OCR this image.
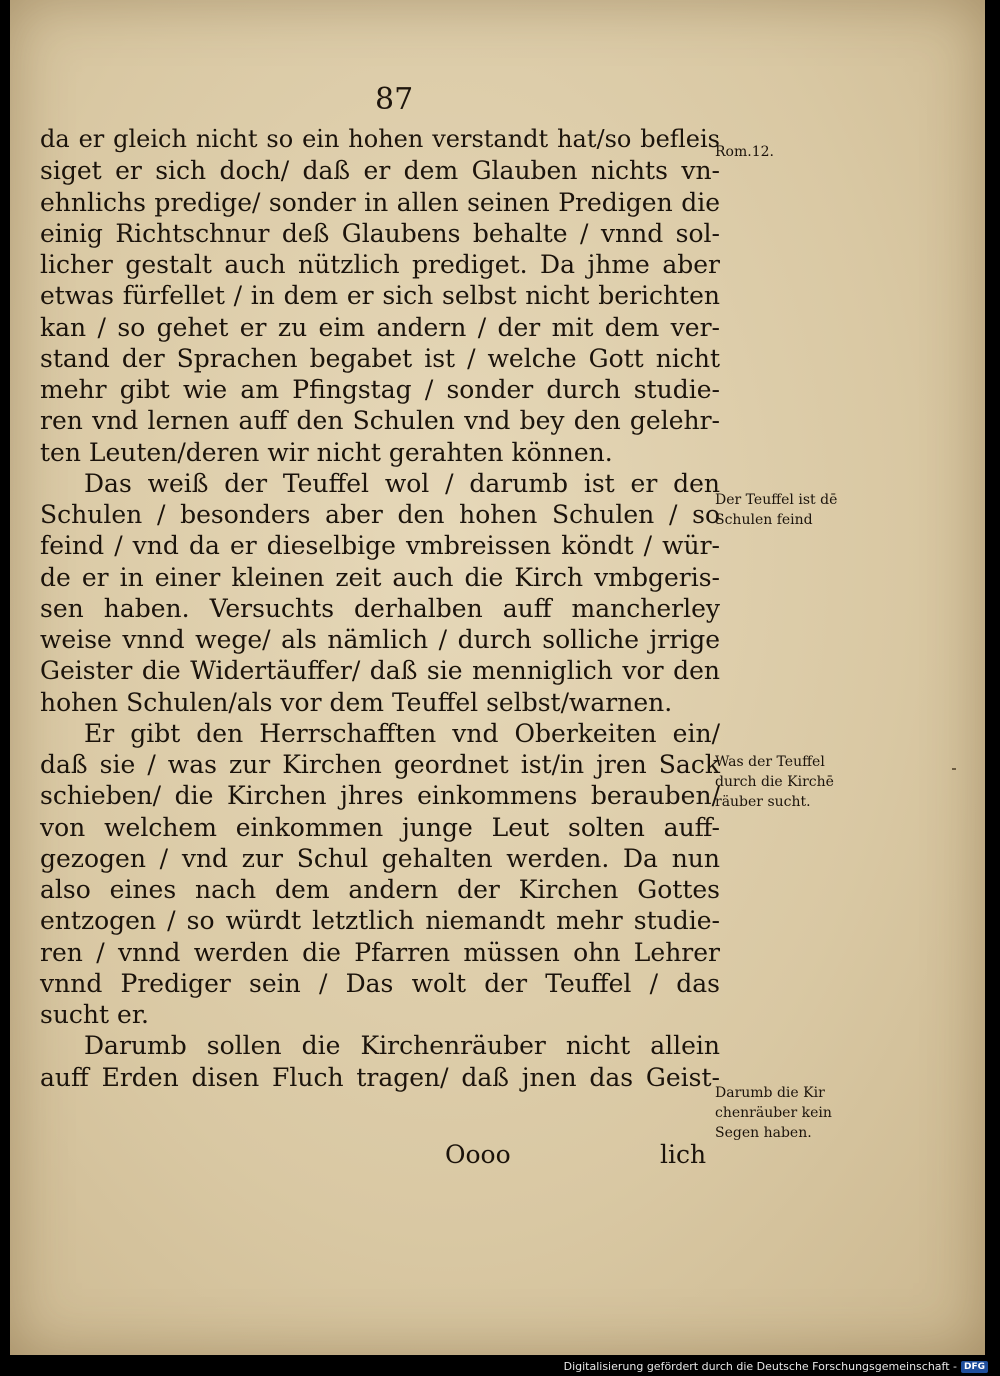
87
da er gleich nicht so ein hohen verstandt hat/so befleis
siget er sich doch/ daß er dem Glauben nichts vn-
ehnlichs predige/ sonder in allen seinen Predigen die
einig Richtschnur deß Glaubens behalte / vnnd sol-
licher gestalt auch nützlich prediget. Da jhme aber
etwas fürfellet / in dem er sich selbst nicht berichten
kan / so gehet er zu eim andern / der mit dem ver-
stand der Sprachen begabet ist / welche Gott nicht
mehr gibt wie am Pfingstag / sonder durch studie-
ren vnd lernen auff den Schulen vnd bey den gelehr-
ten Leuten/deren wir nicht gerahten können.
Das weiß der Teuffel wol / darumb ist er den
Schulen / besonders aber den hohen Schulen / so
feind / vnd da er dieselbige vmbreissen köndt / wür-
de er in einer kleinen zeit auch die Kirch vmbgeris-
sen haben. Versuchts derhalben auff mancherley
weise vnnd wege/ als nämlich / durch solliche jrrige
Geister die Widertäuffer/ daß sie menniglich vor den
hohen Schulen/als vor dem Teuffel selbst/warnen.
Er gibt den Herrschafften vnd Oberkeiten ein/
daß sie / was zur Kirchen geordnet ist/in jren Sack
schieben/ die Kirchen jhres einkommens berauben/
von welchem einkommen junge Leut solten auff-
gezogen / vnd zur Schul gehalten werden. Da nun
also eines nach dem andern der Kirchen Gottes
entzogen / so würdt letztlich niemandt mehr studie-
ren / vnnd werden die Pfarren müssen ohn Lehrer
vnnd Prediger sein / Das wolt der Teuffel / das
sucht er.
Darumb sollen die Kirchenräuber nicht allein
auff Erden disen Fluch tragen/ daß jnen das Geist-
Oooo	lich
Rom.12.
Der Teuffel ist dē
Schulen feind
Was der Teuffel
durch die Kirchē
räuber sucht.
Darumb die Kir
chenräuber kein
Segen haben.
Digitalisierung gefördert durch die Deutsche Forschungsgemeinschaft - DFG
